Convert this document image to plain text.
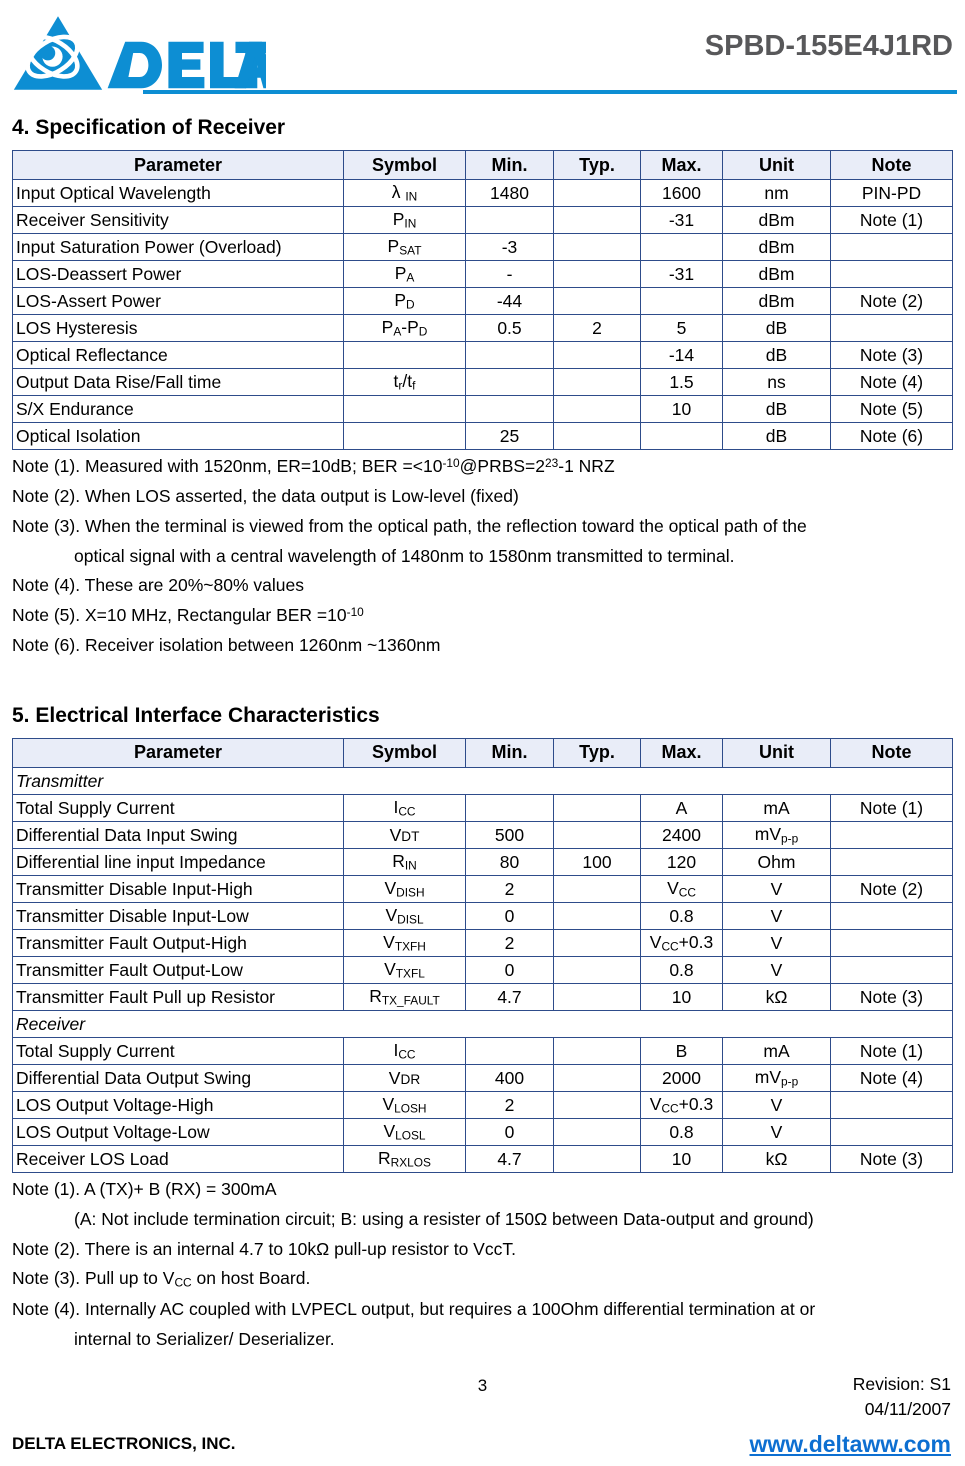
SPBD-155E4J1RD
4. Specification of Receiver
Parameter	Symbol	Min.	Typ.	Max.	Unit	Note
Input Optical Wavelength	λ $_{IN}$	1480		1600	nm	PIN-PD
Receiver Sensitivity	$P_{IN}$			-31	dBm	Note (1)
Input Saturation Power (Overload)	$P_{SAT}$	-3			dBm	
LOS-Deassert Power	$P_A$	-		-31	dBm	
LOS-Assert Power	$P_D$	-44			dBm	Note (2)
LOS Hysteresis	$P_A-P_D$	0.5	2	5	dB	
Optical Reflectance				-14	dB	Note (3)
Output Data Rise/Fall time	$t_r/t_f$			1.5	ns	Note (4)
S/X Endurance				10	dB	Note (5)
Optical Isolation		25			dB	Note (6)
Note (1). Measured with 1520nm, ER=10dB; BER $=<10^{-10}@PRBS=2^{23}-1$ NRZ
Note (2). When LOS asserted, the data output is Low-level (fixed)
Note (3). When the terminal is viewed from the optical path, the reflection toward the optical path of the
optical signal with a central wavelength of 1480nm to 1580nm transmitted to terminal.
Note (4). These are 20%~80% values
Note (5). X=10 MHz, Rectangular BER $=10^{-10}$
Note (6). Receiver isolation between 1260nm ~1360nm
5. Electrical Interface Characteristics
Parameter	Symbol	Min.	Typ.	Max.	Unit	Note
Transmitter						
Total Supply Current	$I_{CC}$			A	mA	Note (1)
Differential Data Input Swing	VDT	500		2400	$mV_{p-p}$	
Differential line input Impedance	$R_{IN}$	80	100	120	Ohm	
Transmitter Disable Input-High	$V_{DISH}$	2		$V_{CC}$	V	Note (2)
Transmitter Disable Input-Low	$V_{DISL}$	0		0.8	V	
Transmitter Fault Output-High	$V_{TXFH}$	2		$V_{CC}+0.3$	V	
Transmitter Fault Output-Low	$V_{TXFL}$	0		0.8	V	
Transmitter Fault Pull up Resistor	$R_{TX\_FAULT}$	4.7		10	kΩ	Note (3)
Receiver						
Total Supply Current	$I_{CC}$			B	mA	Note (1)
Differential Data Output Swing	VDR	400		2000	$mV_{p-p}$	Note (4)
LOS Output Voltage-High	$V_{LOSH}$	2		$V_{CC}+0.3$	V	
LOS Output Voltage-Low	$V_{LOSL}$	0		0.8	V	
Receiver LOS Load	$R_{RXLOS}$	4.7		10	kΩ	Note (3)
Note (1). A (TX)+ B (RX) = 300mA
(A: Not include termination circuit; B: using a resister of 150Ω between Data-output and ground)
Note (2). There is an internal 4.7 to 10kΩ pull-up resistor to VccT.
Note (3). Pull up to $V_{CC}$ on host Board.
Note (4). Internally AC coupled with LVPECL output, but requires a 100Ohm differential termination at or
internal to Serializer/ Deserializer.
3	Revision: S1
04/11/2007
DELTA ELECTRONICS, INC.	www.deltaww.com
